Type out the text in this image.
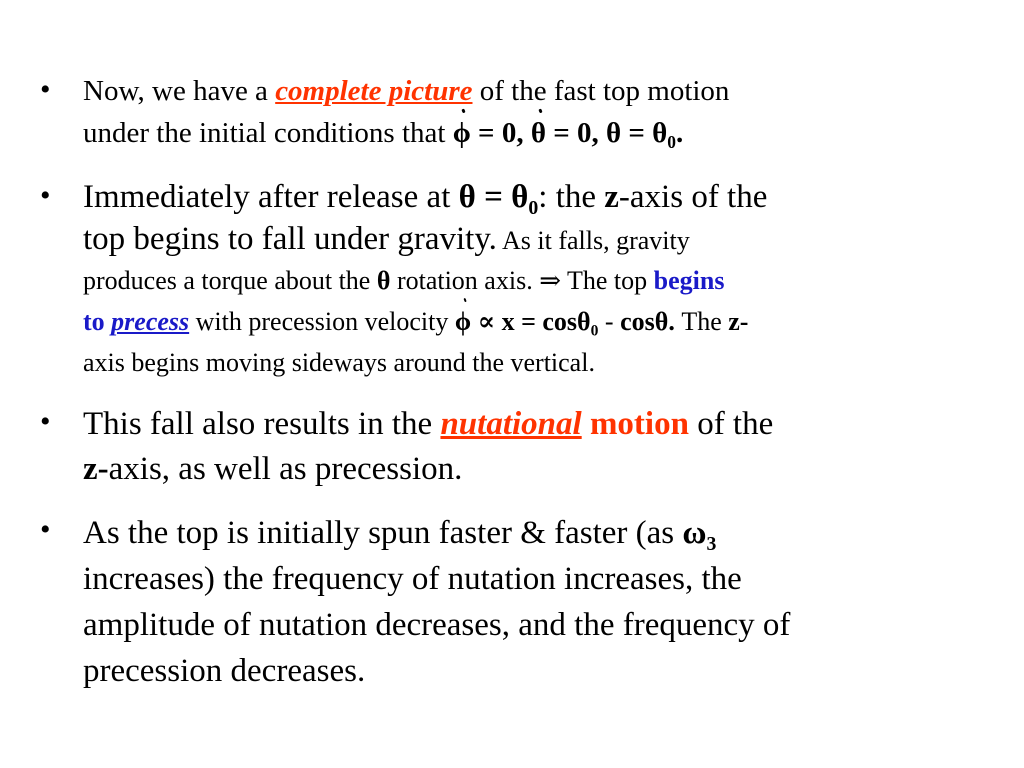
• Now, we have a complete picture of the fast top motion
under the initial conditions that ϕ = 0, θ = 0, $\theta = \theta_0$.
• Immediately after release at $\theta = \theta_0$: the z-axis of the
top begins to fall under gravity. As it falls, gravity
produces a torque about the θ rotation axis. ⇒ The top begins
to precess with precession velocity ϕ ∝ x = cosθ$_0$ - cosθ. The z-
axis begins moving sideways around the vertical.
• This fall also results in the nutational motion of the
z-axis, as well as precession.
• As the top is initially spun faster & faster (as $\omega_3$
increases) the frequency of nutation increases, the
amplitude of nutation decreases, and the frequency of
precession decreases.
